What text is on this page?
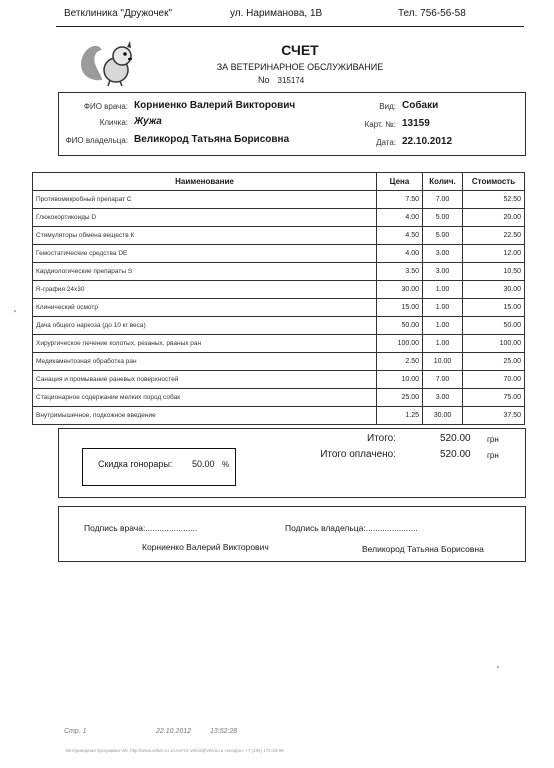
Ветклиника "Дружочек"	ул. Нариманова, 1В	Тел. 756-56-58
СЧЕТ
ЗА ВЕТЕРИНАРНОЕ ОБСЛУЖИВАНИЕ
No 315174
ФИО врача: Корниенко Валерий Викторович
Кличка: Жужа
ФИО владельца: Великород Татьяна Борисовна
Вид: Собаки
Карт. №: 13159
Дата: 22.10.2012
Наименование	Цена	Колич.	Стоимость
Противомикробный препарат С	7.50	7.00	52.50
Глюкокортикоиды D	4.00	5.00	20.00
Стимуляторы обмена веществ К	4.50	5.00	22.50
Гемостатические средства DE	4.00	3.00	12.00
Кардиологические препараты S	3.50	3.00	10.50
R-графия 24х30	30.00	1.00	30.00
Клинический осмотр	15.00	1.00	15.00
Дача общего наркоза (до 10 кг веса)	50.00	1.00	50.00
Хирургическое лечение колотых, резаных, рваных ран	100.00	1.00	100.00
Медикаментозная обработка ран	2.50	10.00	25.00
Санация и промывание раневых поверхностей	10.00	7.00	70.00
Стационарное содержание мелких пород собак	25.00	3.00	75.00
Внутримышечное, подкожное введение	1.25	30.00	37.50
Итого:	520.00 грн
Итого оплачено:	520.00 грн
Скидка гонорары: 50.00 %
Подпись врача:......................	Подпись владельца:......................
Корниенко Валерий Викторович	Великород Татьяна Борисовна
Стр. 1	22.10.2012	13:52:28
Ветеринарная программа Vet. http://www.vetvis.ru эл.почта: vetvis@vetvis.ru телефон: +7 (495) 172-20-96
